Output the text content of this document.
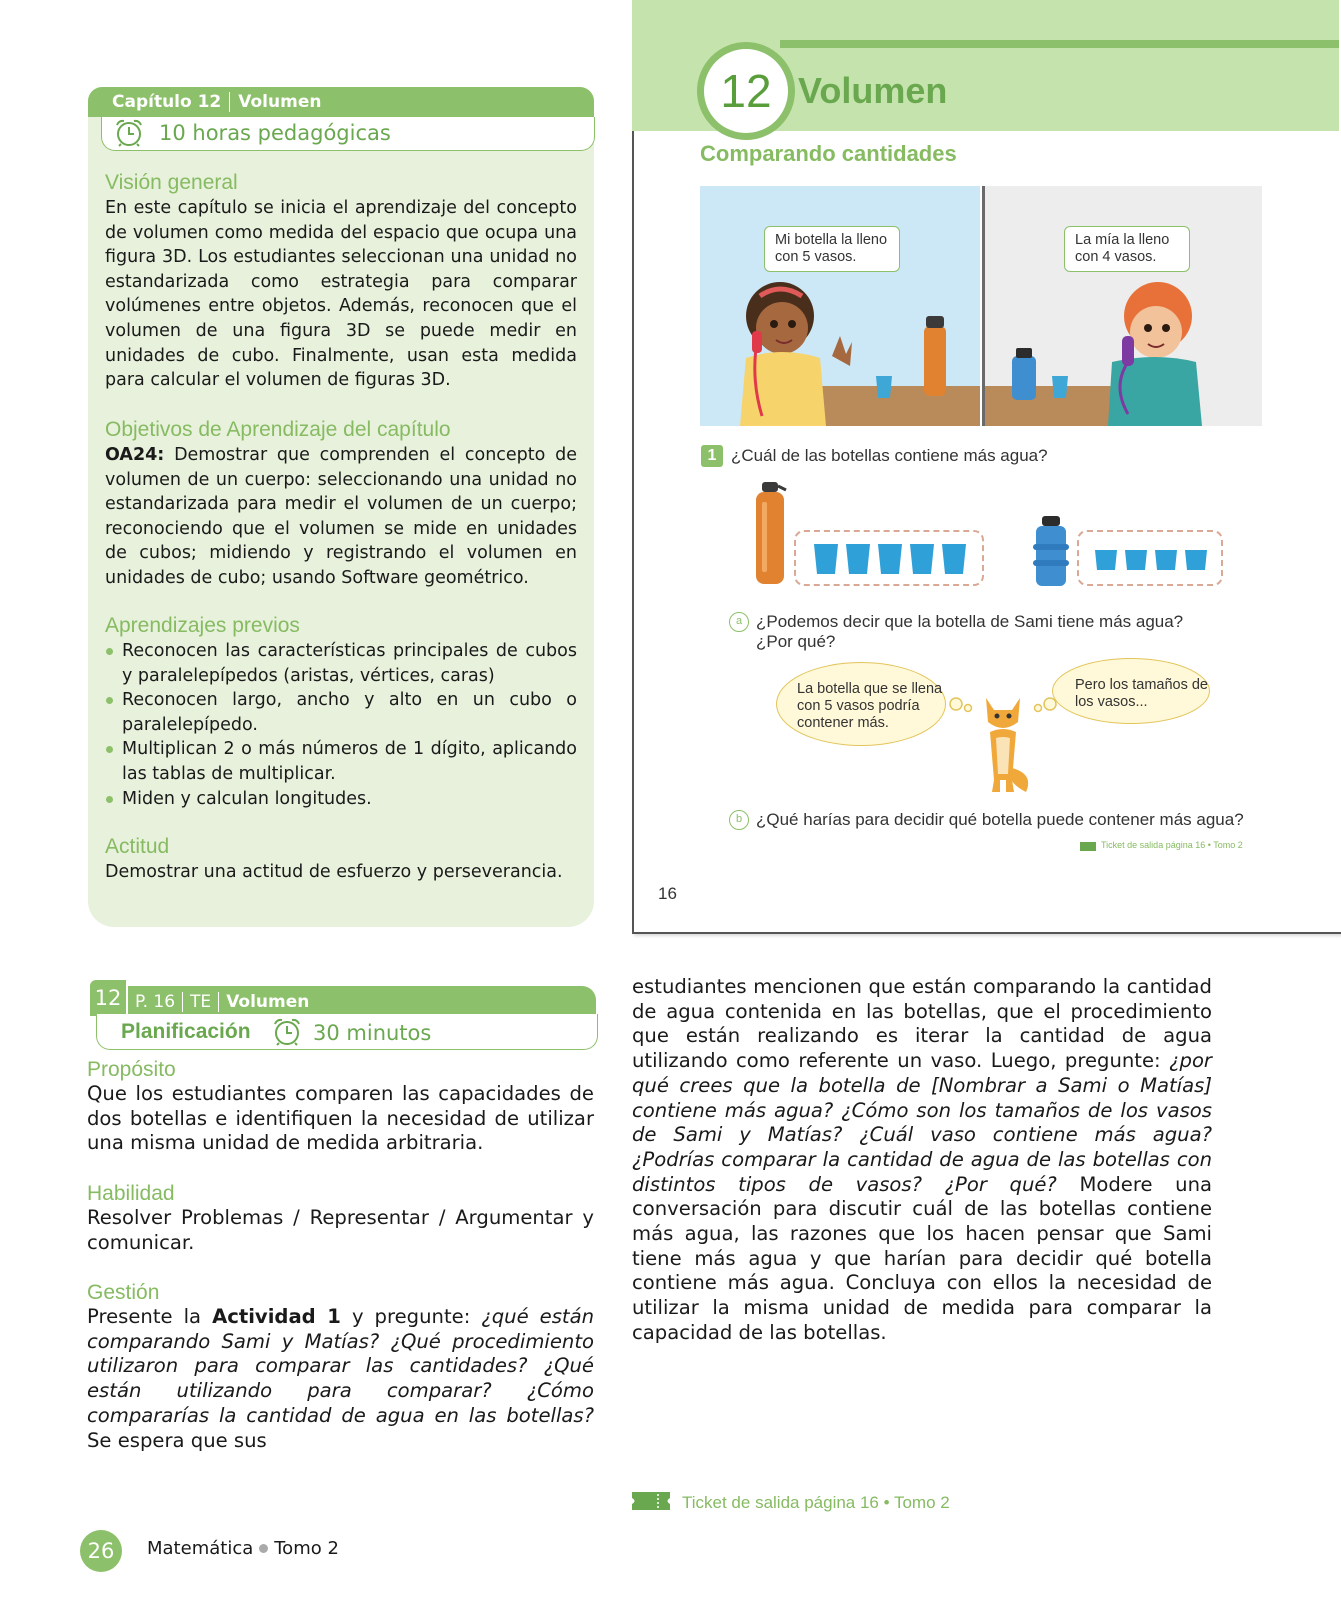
Capítulo 12 Volumen
10 horas pedagógicas
Visión general
En este capítulo se inicia el aprendizaje del concepto de volumen como medida del espacio que ocupa una figura 3D. Los estudiantes seleccionan una unidad no estandarizada como estrategia para comparar volúmenes entre objetos. Además, reconocen que el volumen de una figura 3D se puede medir en unidades de cubo. Finalmente, usan esta medida para calcular el volumen de figuras 3D.
Objetivos de Aprendizaje del capítulo
OA24: Demostrar que comprenden el concepto de volumen de un cuerpo: seleccionando una unidad no estandarizada para medir el volumen de un cuerpo; reconociendo que el volumen se mide en unidades de cubos; midiendo y registrando el volumen en unidades de cubo; usando Software geométrico.
Aprendizajes previos
Reconocen las características principales de cubos y paralelepípedos (aristas, vértices, caras)
Reconocen largo, ancho y alto en un cubo o paralelepípedo.
Multiplican 2 o más números de 1 dígito, aplicando las tablas de multiplicar.
Miden y calculan longitudes.
Actitud
Demostrar una actitud de esfuerzo y perseverancia.
12 Volumen
Comparando cantidades
Mi botella la lleno con 5 vasos.
La mía la lleno con 4 vasos.
1 ¿Cuál de las botellas contiene más agua?
a ¿Podemos decir que la botella de Sami tiene más agua? ¿Por qué?
La botella que se llena con 5 vasos podría contener más.
Pero los tamaños de los vasos...
b ¿Qué harías para decidir qué botella puede contener más agua?
Ticket de salida página 16 • Tomo 2
16
P. 16 TE Volumen
12
Planificación	30 minutos
Propósito
Que los estudiantes comparen las capacidades de dos botellas e identifiquen la necesidad de utilizar una misma unidad de medida arbitraria.
Habilidad
Resolver Problemas / Representar / Argumentar y comunicar.
Gestión
Presente la Actividad 1 y pregunte: ¿qué están comparando Sami y Matías? ¿Qué procedimiento utilizaron para comparar las cantidades? ¿Qué están utilizando para comparar? ¿Cómo compararías la cantidad de agua en las botellas? Se espera que sus
estudiantes mencionen que están comparando la cantidad de agua contenida en las botellas, que el procedimiento que están realizando es iterar la cantidad de agua utilizando como referente un vaso. Luego, pregunte: ¿por qué crees que la botella de [Nombrar a Sami o Matías] contiene más agua? ¿Cómo son los tamaños de los vasos de Sami y Matías? ¿Cuál vaso contiene más agua? ¿Podrías comparar la cantidad de agua de las botellas con distintos tipos de vasos? ¿Por qué? Modere una conversación para discutir cuál de las botellas contiene más agua, las razones que los hacen pensar que Sami tiene más agua y que harían para decidir qué botella contiene más agua. Concluya con ellos la necesidad de utilizar la misma unidad de medida para comparar la capacidad de las botellas.
Ticket de salida página 16 • Tomo 2
26	Matemática Tomo 2
